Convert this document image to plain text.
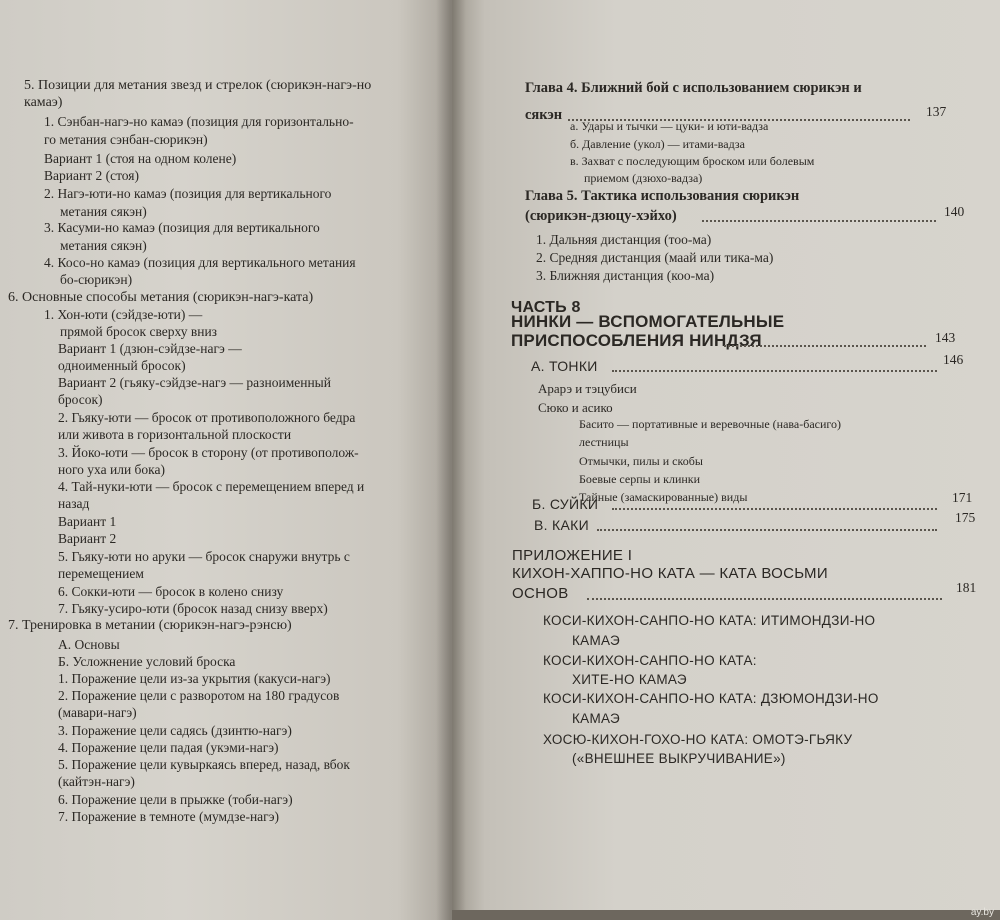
5. Позиции для метания звезд и стрелок (сюрикэн-нагэ-но
камаэ)
1. Сэнбан-нагэ-но камаэ (позиция для горизонтально-
го метания сэнбан-сюрикэн)
Вариант 1 (стоя на одном колене)
Вариант 2 (стоя)
2. Нагэ-юти-но камаэ (позиция для вертикального
метания сякэн)
3. Касуми-но камаэ (позиция для вертикального
метания сякэн)
4. Косо-но камаэ (позиция для вертикального метания
бо-сюрикэн)
6. Основные способы метания (сюрикэн-нагэ-ката)
1. Хон-юти (сэйдзе-юти) —
прямой бросок сверху вниз
Вариант 1 (дзюн-сэйдзе-нагэ —
одноименный бросок)
Вариант 2 (гьяку-сэйдзе-нагэ — разноименный
бросок)
2. Гьяку-юти — бросок от противоположного бедра
или живота в горизонтальной плоскости
3. Йоко-юти — бросок в сторону (от противополож-
ного уха или бока)
4. Тай-нуки-юти — бросок с перемещением вперед и
назад
Вариант 1
Вариант 2
5. Гьяку-юти но аруки — бросок снаружи внутрь с
перемещением
6. Сокки-юти — бросок в колено снизу
7. Гьяку-усиро-юти (бросок назад снизу вверх)
7. Тренировка в метании (сюрикэн-нагэ-рэнсю)
А. Основы
Б. Усложнение условий броска
1. Поражение цели из-за укрытия (какуси-нагэ)
2. Поражение цели с разворотом на 180 градусов
(мавари-нагэ)
3. Поражение цели садясь (дзинтю-нагэ)
4. Поражение цели падая (укэми-нагэ)
5. Поражение цели кувыркаясь вперед, назад, вбок
(кайтэн-нагэ)
6. Поражение цели в прыжке (тоби-нагэ)
7. Поражение в темноте (мумдзе-нагэ)
Глава 4. Ближний бой с использованием сюрикэн и
сякэн	137
а. Удары и тычки — цуки- и юти-вадза
б. Давление (укол) — итами-вадза
в. Захват с последующим броском или болевым
приемом (дзюхо-вадза)
Глава 5. Тактика использования сюрикэн
(сюрикэн-дзюцу-хэйхо)	140
1. Дальняя дистанция (тоо-ма)
2. Средняя дистанция (маай или тика-ма)
3. Ближняя дистанция (коо-ма)
ЧАСТЬ 8
НИНКИ — ВСПОМОГАТЕЛЬНЫЕ
ПРИСПОСОБЛЕНИЯ НИНДЗЯ	143
А. ТОНКИ	146
Арарэ и тэцубиси
Сюко и асико
Басито — портативные и веревочные (нава-басиго)
лестницы
Отмычки, пилы и скобы
Боевые серпы и клинки
Тайные (замаскированные) виды
Б. СУЙКИ	171
В. КАКИ	175
ПРИЛОЖЕНИЕ I
КИХОН-ХАППО-НО КАТА — КАТА ВОСЬМИ
ОСНОВ	181
КОСИ-КИХОН-САНПО-НО КАТА: ИТИМОНДЗИ-НО
КАМАЭ
КОСИ-КИХОН-САНПО-НО КАТА:
ХИТЕ-НО КАМАЭ
КОСИ-КИХОН-САНПО-НО КАТА: ДЗЮМОНДЗИ-НО
КАМАЭ
ХОСЮ-КИХОН-ГОХО-НО КАТА: ОМОТЭ-ГЬЯКУ
(«ВНЕШНЕЕ ВЫКРУЧИВАНИЕ»)
ay.by
